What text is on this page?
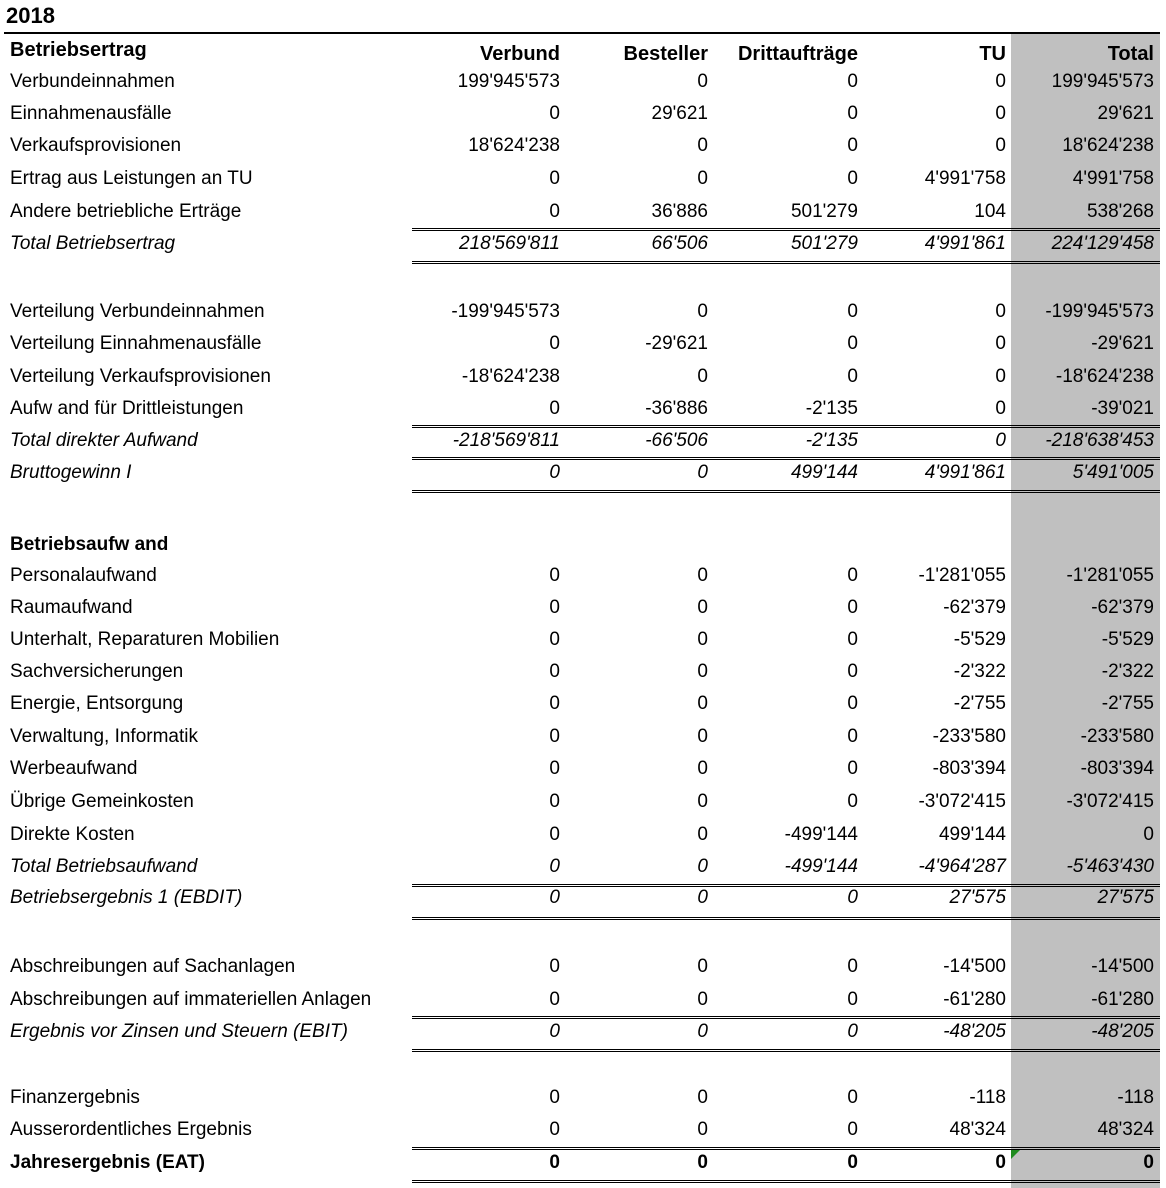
2018
Betriebsertrag	Verbund	Besteller	Drittaufträge	TU	Total
Verbundeinnahmen	199'945'573	0	0	0	199'945'573
Einnahmenausfälle	0	29'621	0	0	29'621
Verkaufsprovisionen	18'624'238	0	0	0	18'624'238
Ertrag aus Leistungen an TU	0	0	0	4'991'758	4'991'758
Andere betriebliche Erträge	0	36'886	501'279	104	538'268
Total Betriebsertrag	218'569'811	66'506	501'279	4'991'861	224'129'458
Verteilung Verbundeinnahmen	-199'945'573	0	0	0	-199'945'573
Verteilung Einnahmenausfälle	0	-29'621	0	0	-29'621
Verteilung Verkaufsprovisionen	-18'624'238	0	0	0	-18'624'238
Aufw and für Drittleistungen	0	-36'886	-2'135	0	-39'021
Total direkter Aufwand	-218'569'811	-66'506	-2'135	0	-218'638'453
Bruttogewinn I	0	0	499'144	4'991'861	5'491'005
Betriebsaufw and
Personalaufwand	0	0	0	-1'281'055	-1'281'055
Raumaufwand	0	0	0	-62'379	-62'379
Unterhalt, Reparaturen Mobilien	0	0	0	-5'529	-5'529
Sachversicherungen	0	0	0	-2'322	-2'322
Energie, Entsorgung	0	0	0	-2'755	-2'755
Verwaltung, Informatik	0	0	0	-233'580	-233'580
Werbeaufwand	0	0	0	-803'394	-803'394
Übrige Gemeinkosten	0	0	0	-3'072'415	-3'072'415
Direkte Kosten	0	0	-499'144	499'144	0
Total Betriebsaufwand	0	0	-499'144	-4'964'287	-5'463'430
Betriebsergebnis 1 (EBDIT)	0	0	0	27'575	27'575
Abschreibungen auf Sachanlagen	0	0	0	-14'500	-14'500
Abschreibungen auf immateriellen Anlagen	0	0	0	-61'280	-61'280
Ergebnis vor Zinsen und Steuern (EBIT)	0	0	0	-48'205	-48'205
Finanzergebnis	0	0	0	-118	-118
Ausserordentliches Ergebnis	0	0	0	48'324	48'324
Jahresergebnis (EAT)	0	0	0	0	0
